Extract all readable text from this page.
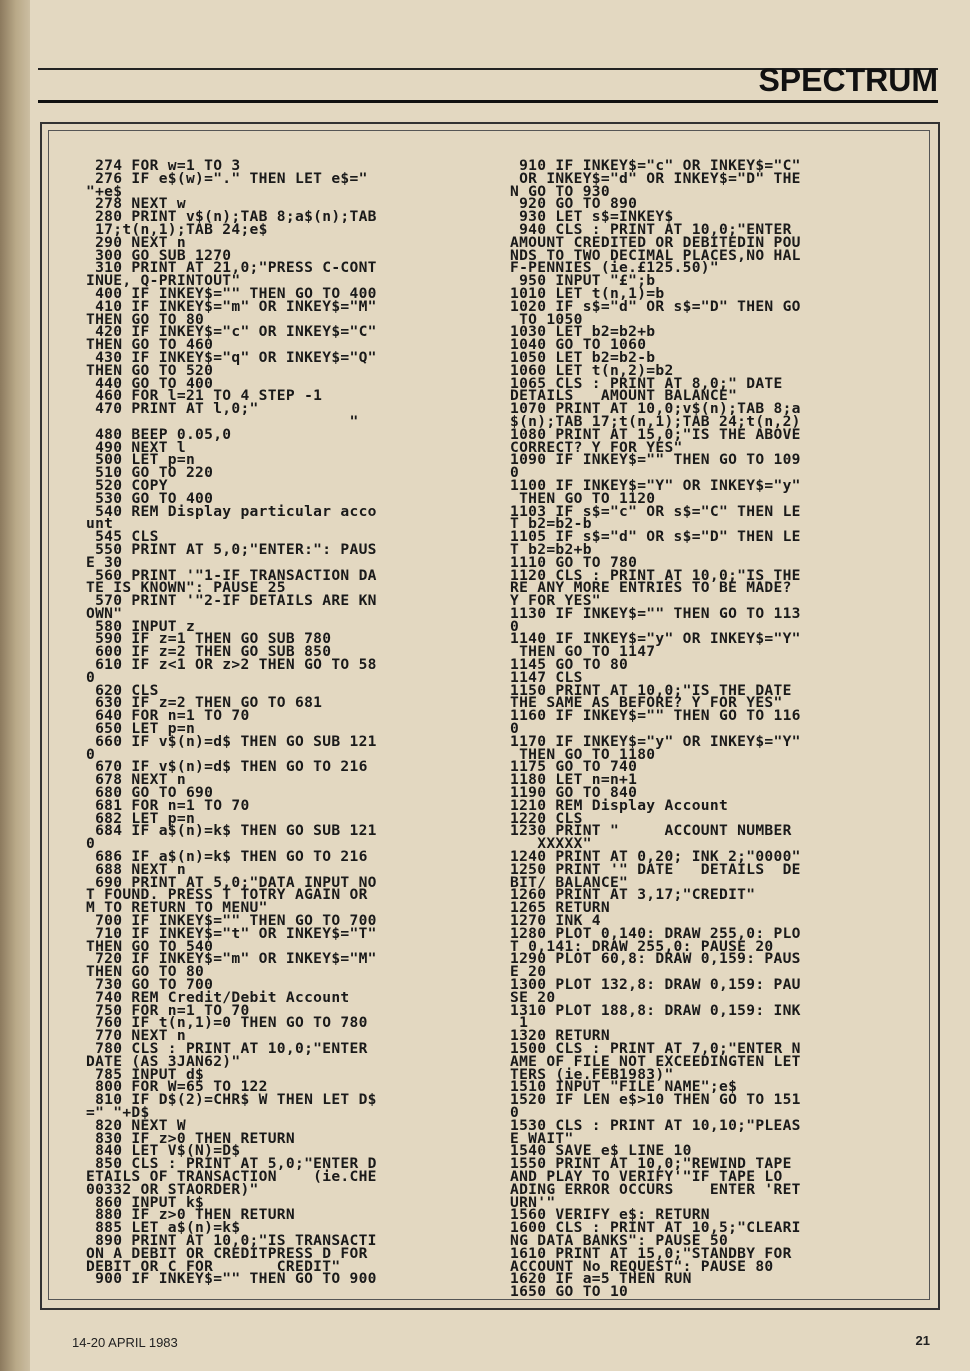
SPECTRUM
274 FOR w=1 TO 3
276 IF e$(w)="." THEN LET e$="
"+e$
278 NEXT w
280 PRINT v$(n);TAB 8;a$(n);TAB
17;t(n,1);TAB 24;e$
290 NEXT n
300 GO SUB 1270
310 PRINT AT 21,0;"PRESS C-CONT
INUE, Q-PRINTOUT"
400 IF INKEY$="" THEN GO TO 400
410 IF INKEY$="m" OR INKEY$="M"
THEN GO TO 80
420 IF INKEY$="c" OR INKEY$="C"
THEN GO TO 460
430 IF INKEY$="q" OR INKEY$="Q"
THEN GO TO 520
440 GO TO 400
460 FOR l=21 TO 4 STEP -1
470 PRINT AT l,0;"
"
480 BEEP 0.05,0
490 NEXT l
500 LET p=n
510 GO TO 220
520 COPY
530 GO TO 400
540 REM Display particular acco
unt
545 CLS
550 PRINT AT 5,0;"ENTER:": PAUS
E 30
560 PRINT '"1-IF TRANSACTION DA
TE IS KNOWN": PAUSE 25
570 PRINT '"2-IF DETAILS ARE KN
OWN"
580 INPUT z
590 IF z=1 THEN GO SUB 780
600 IF z=2 THEN GO SUB 850
610 IF z<1 OR z>2 THEN GO TO 58
0
620 CLS
630 IF z=2 THEN GO TO 681
640 FOR n=1 TO 70
650 LET p=n
660 IF v$(n)=d$ THEN GO SUB 121
0
670 IF v$(n)=d$ THEN GO TO 216
678 NEXT n
680 GO TO 690
681 FOR n=1 TO 70
682 LET p=n
684 IF a$(n)=k$ THEN GO SUB 121
0
686 IF a$(n)=k$ THEN GO TO 216
688 NEXT n
690 PRINT AT 5,0;"DATA INPUT NO
T FOUND. PRESS T TOTRY AGAIN OR
M TO RETURN TO MENU"
700 IF INKEY$="" THEN GO TO 700
710 IF INKEY$="t" OR INKEY$="T"
THEN GO TO 540
720 IF INKEY$="m" OR INKEY$="M"
THEN GO TO 80
730 GO TO 700
740 REM Credit/Debit Account
750 FOR n=1 TO 70
760 IF t(n,1)=0 THEN GO TO 780
770 NEXT n
780 CLS : PRINT AT 10,0;"ENTER
DATE (AS 3JAN62)"
785 INPUT d$
800 FOR W=65 TO 122
810 IF D$(2)=CHR$ W THEN LET D$
=" "+D$
820 NEXT W
830 IF z>0 THEN RETURN
840 LET V$(N)=D$
850 CLS : PRINT AT 5,0;"ENTER D
ETAILS OF TRANSACTION    (ie.CHE
00332 OR STAORDER)"
860 INPUT k$
880 IF z>0 THEN RETURN
885 LET a$(n)=k$
890 PRINT AT 10,0;"IS TRANSACTI
ON A DEBIT OR CREDITPRESS D FOR
DEBIT OR C FOR       CREDIT"
900 IF INKEY$="" THEN GO TO 900
910 IF INKEY$="c" OR INKEY$="C"
OR INKEY$="d" OR INKEY$="D" THE
N GO TO 930
920 GO TO 890
930 LET s$=INKEY$
940 CLS : PRINT AT 10,0;"ENTER
AMOUNT CREDITED OR DEBITEDIN POU
NDS TO TWO DECIMAL PLACES,NO HAL
F-PENNIES (ie.£125.50)"
950 INPUT "£";b
1010 LET t(n,1)=b
1020 IF s$="d" OR s$="D" THEN GO
TO 1050
1030 LET b2=b2+b
1040 GO TO 1060
1050 LET b2=b2-b
1060 LET t(n,2)=b2
1065 CLS : PRINT AT 8,0;" DATE
DETAILS   AMOUNT BALANCE"
1070 PRINT AT 10,0;v$(n);TAB 8;a
$(n);TAB 17;t(n,1);TAB 24;t(n,2)
1080 PRINT AT 15,0;"IS THE ABOVE
CORRECT? Y FOR YES"
1090 IF INKEY$="" THEN GO TO 109
0
1100 IF INKEY$="Y" OR INKEY$="y"
THEN GO TO 1120
1103 IF s$="c" OR s$="C" THEN LE
T b2=b2-b
1105 IF s$="d" OR s$="D" THEN LE
T b2=b2+b
1110 GO TO 780
1120 CLS : PRINT AT 10,0;"IS THE
RE ANY MORE ENTRIES TO BE MADE?
Y FOR YES"
1130 IF INKEY$="" THEN GO TO 113
0
1140 IF INKEY$="y" OR INKEY$="Y"
THEN GO TO 1147
1145 GO TO 80
1147 CLS
1150 PRINT AT 10,0;"IS THE DATE
THE SAME AS BEFORE? Y FOR YES"
1160 IF INKEY$="" THEN GO TO 116
0
1170 IF INKEY$="y" OR INKEY$="Y"
THEN GO TO 1180
1175 GO TO 740
1180 LET n=n+1
1190 GO TO 840
1210 REM Display Account
1220 CLS
1230 PRINT "     ACCOUNT NUMBER
XXXXX"
1240 PRINT AT 0,20; INK 2;"0000"
1250 PRINT '" DATE   DETAILS  DE
BIT/ BALANCE"
1260 PRINT AT 3,17;"CREDIT"
1265 RETURN
1270 INK 4
1280 PLOT 0,140: DRAW 255,0: PLO
T 0,141: DRAW 255,0: PAUSE 20
1290 PLOT 60,8: DRAW 0,159: PAUS
E 20
1300 PLOT 132,8: DRAW 0,159: PAU
SE 20
1310 PLOT 188,8: DRAW 0,159: INK
1
1320 RETURN
1500 CLS : PRINT AT 7,0;"ENTER N
AME OF FILE NOT EXCEEDINGTEN LET
TERS (ie.FEB1983)"
1510 INPUT "FILE NAME";e$
1520 IF LEN e$>10 THEN GO TO 151
0
1530 CLS : PRINT AT 10,10;"PLEAS
E WAIT"
1540 SAVE e$ LINE 10
1550 PRINT AT 10,0;"REWIND TAPE
AND PLAY TO VERIFY'"IF TAPE LO
ADING ERROR OCCURS    ENTER 'RET
URN'"
1560 VERIFY e$: RETURN
1600 CLS : PRINT AT 10,5;"CLEARI
NG DATA BANKS": PAUSE 50
1610 PRINT AT 15,0;"STANDBY FOR
ACCOUNT No REQUEST": PAUSE 80
1620 IF a=5 THEN RUN
1650 GO TO 10
14-20 APRIL 1983	21
